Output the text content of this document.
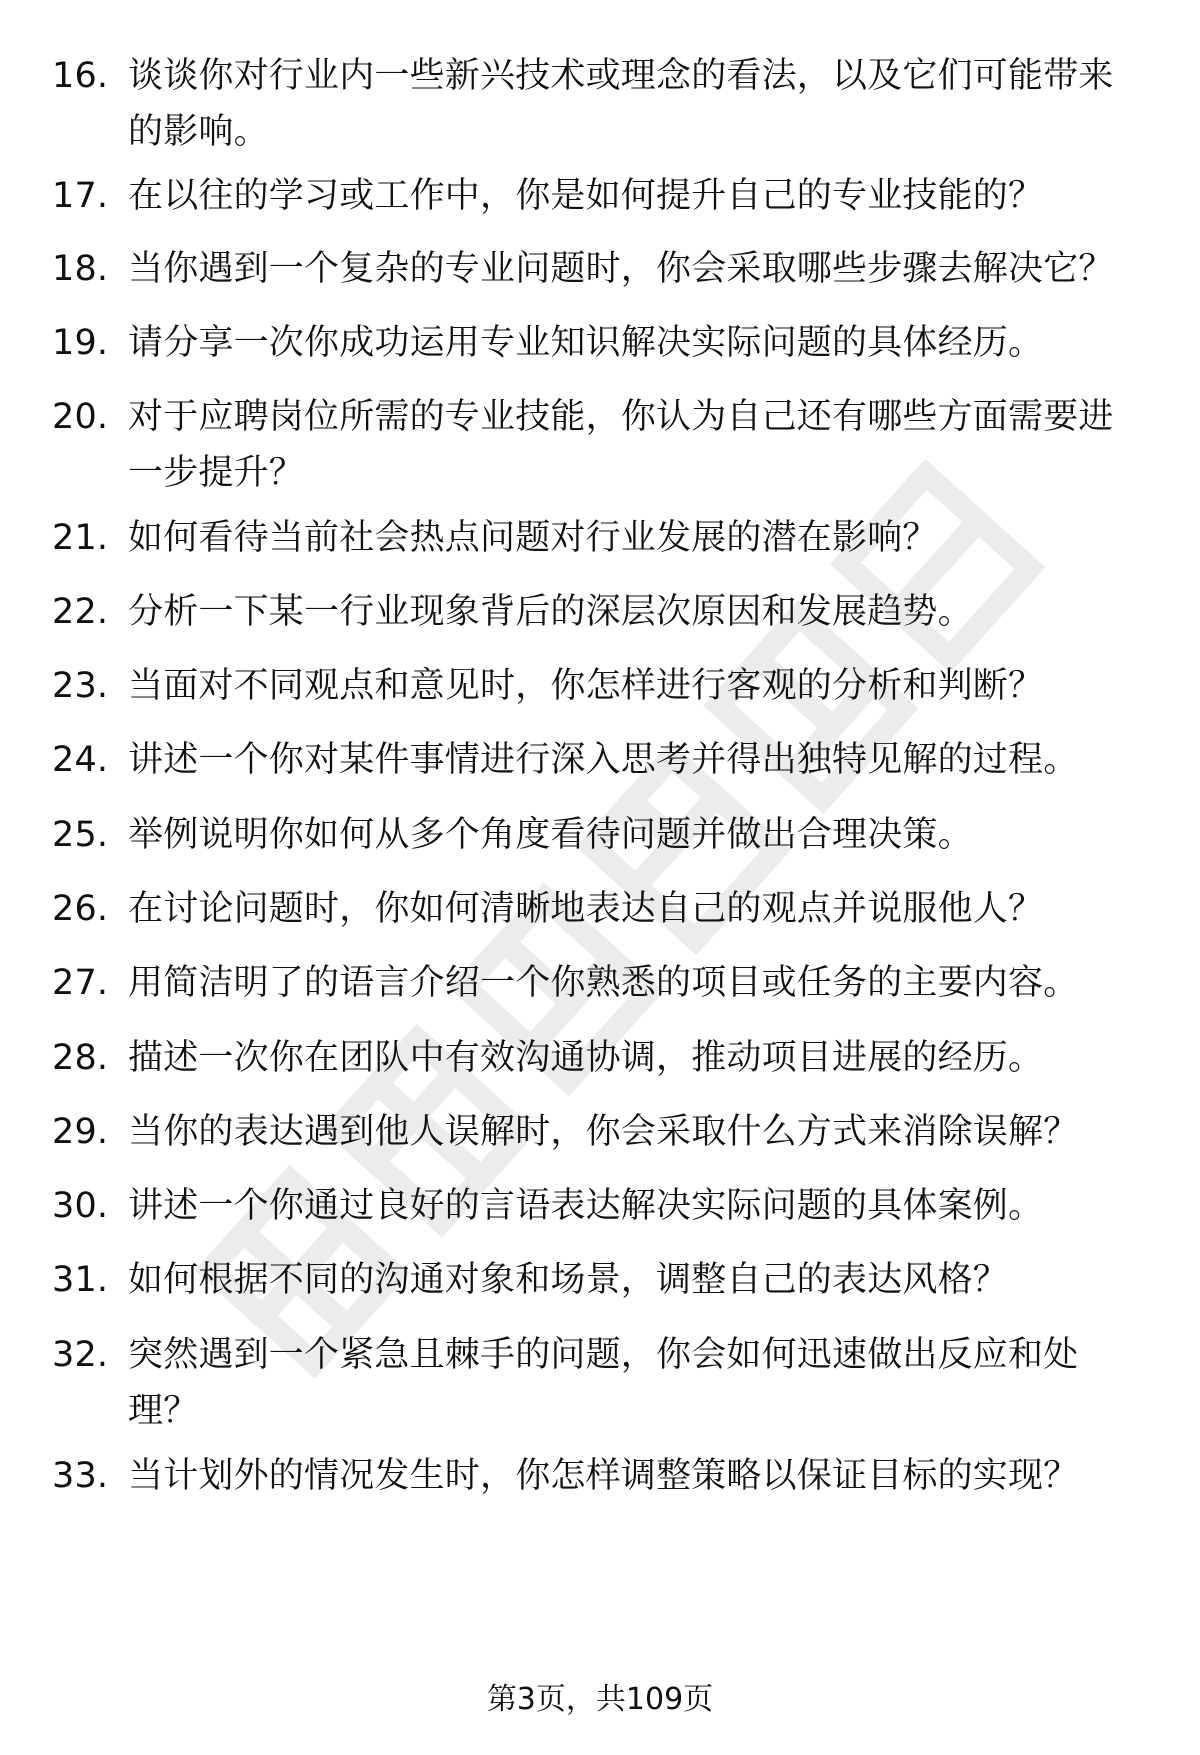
16. 谈谈你对行业内一些新兴技术或理念的看法，以及它们可能带来的影响。
17. 在以往的学习或工作中，你是如何提升自己的专业技能的？
18. 当你遇到一个复杂的专业问题时，你会采取哪些步骤去解决它？
19. 请分享一次你成功运用专业知识解决实际问题的具体经历。
20. 对于应聘岗位所需的专业技能，你认为自己还有哪些方面需要进一步提升？
21. 如何看待当前社会热点问题对行业发展的潜在影响？
22. 分析一下某一行业现象背后的深层次原因和发展趋势。
23. 当面对不同观点和意见时，你怎样进行客观的分析和判断？
24. 讲述一个你对某件事情进行深入思考并得出独特见解的过程。
25. 举例说明你如何从多个角度看待问题并做出合理决策。
26. 在讨论问题时，你如何清晰地表达自己的观点并说服他人？
27. 用简洁明了的语言介绍一个你熟悉的项目或任务的主要内容。
28. 描述一次你在团队中有效沟通协调，推动项目进展的经历。
29. 当你的表达遇到他人误解时，你会采取什么方式来消除误解？
30. 讲述一个你通过良好的言语表达解决实际问题的具体案例。
31. 如何根据不同的沟通对象和场景，调整自己的表达风格？
32. 突然遇到一个紧急且棘手的问题，你会如何迅速做出反应和处理？
33. 当计划外的情况发生时，你怎样调整策略以保证目标的实现？
第3页，共109页
